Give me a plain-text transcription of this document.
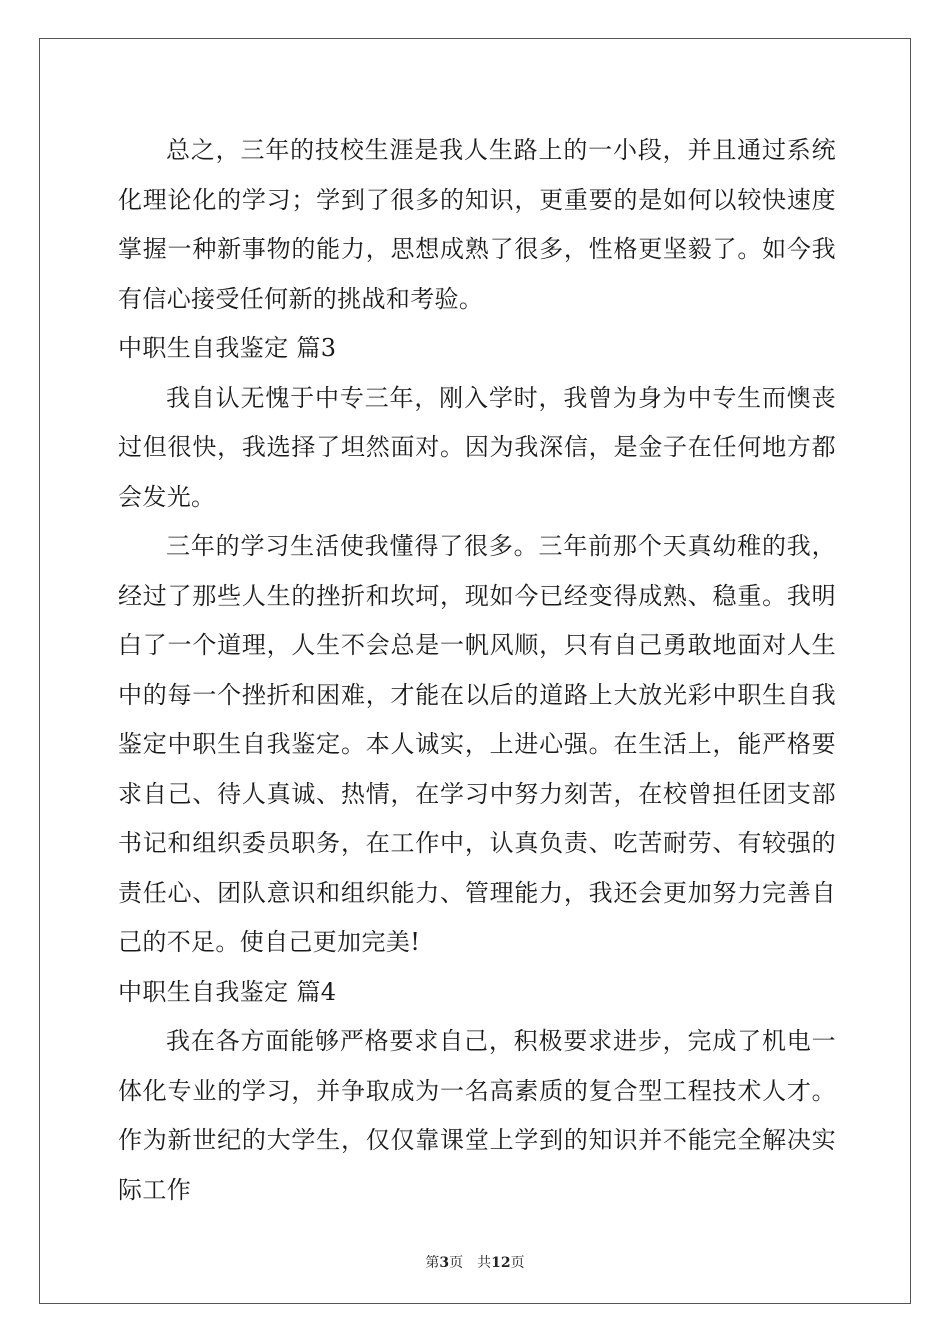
总之，三年的技校生涯是我人生路上的一小段，并且通过系统化理论化的学习；学到了很多的知识，更重要的是如何以较快速度掌握一种新事物的能力，思想成熟了很多，性格更坚毅了。如今我有信心接受任何新的挑战和考验。

中职生自我鉴定 篇3

我自认无愧于中专三年，刚入学时，我曾为身为中专生而懊丧过但很快，我选择了坦然面对。因为我深信，是金子在任何地方都会发光。

三年的学习生活使我懂得了很多。三年前那个天真幼稚的我，经过了那些人生的挫折和坎坷，现如今已经变得成熟、稳重。我明白了一个道理，人生不会总是一帆风顺，只有自己勇敢地面对人生中的每一个挫折和困难，才能在以后的道路上大放光彩中职生自我鉴定中职生自我鉴定。本人诚实，上进心强。在生活上，能严格要求自己、待人真诚、热情，在学习中努力刻苦，在校曾担任团支部书记和组织委员职务，在工作中，认真负责、吃苦耐劳、有较强的责任心、团队意识和组织能力、管理能力，我还会更加努力完善自己的不足。使自己更加完美!

中职生自我鉴定 篇4

我在各方面能够严格要求自己，积极要求进步，完成了机电一体化专业的学习，并争取成为一名高素质的复合型工程技术人才。作为新世纪的大学生，仅仅靠课堂上学到的知识并不能完全解决实际工作

第3页 共12页
